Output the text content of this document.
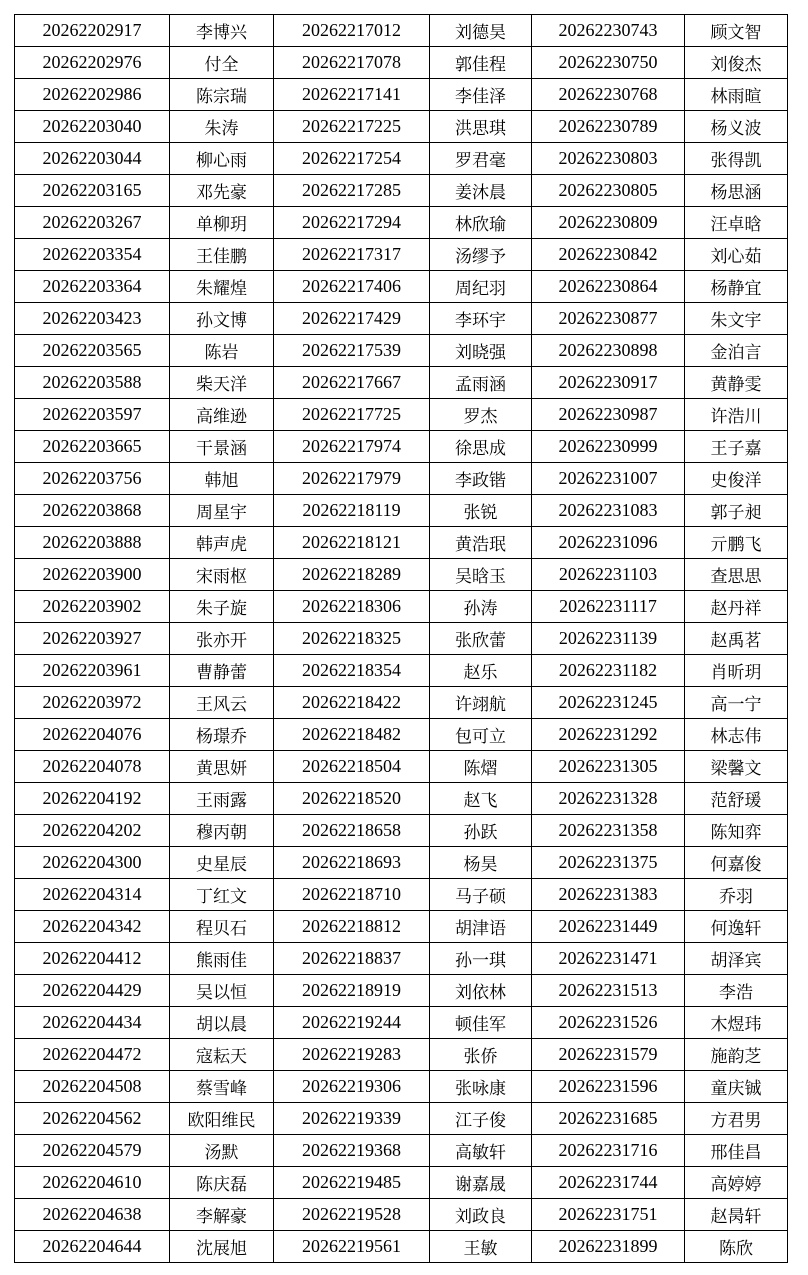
20262202917	李博兴	20262217012	刘德昊	20262230743	顾文智
20262202976	付全	20262217078	郭佳程	20262230750	刘俊杰
20262202986	陈宗瑞	20262217141	李佳泽	20262230768	林雨暄
20262203040	朱涛	20262217225	洪思琪	20262230789	杨义波
20262203044	柳心雨	20262217254	罗君毫	20262230803	张得凯
20262203165	邓先豪	20262217285	姜沐晨	20262230805	杨思涵
20262203267	单柳玥	20262217294	林欣瑜	20262230809	汪卓晗
20262203354	王佳鹏	20262217317	汤缪予	20262230842	刘心茹
20262203364	朱耀煌	20262217406	周纪羽	20262230864	杨静宜
20262203423	孙文博	20262217429	李环宇	20262230877	朱文宇
20262203565	陈岩	20262217539	刘晓强	20262230898	金泊言
20262203588	柴天洋	20262217667	孟雨涵	20262230917	黄静雯
20262203597	高维逊	20262217725	罗杰	20262230987	许浩川
20262203665	干景涵	20262217974	徐思成	20262230999	王子嘉
20262203756	韩旭	20262217979	李政锴	20262231007	史俊洋
20262203868	周星宇	20262218119	张锐	20262231083	郭子昶
20262203888	韩声虎	20262218121	黄浩珉	20262231096	亓鹏飞
20262203900	宋雨枢	20262218289	吴晗玉	20262231103	查思思
20262203902	朱子旋	20262218306	孙涛	20262231117	赵丹祥
20262203927	张亦开	20262218325	张欣蕾	20262231139	赵禹茗
20262203961	曹静蕾	20262218354	赵乐	20262231182	肖昕玥
20262203972	王风云	20262218422	许翊航	20262231245	高一宁
20262204076	杨璟乔	20262218482	包可立	20262231292	林志伟
20262204078	黄思妍	20262218504	陈熠	20262231305	梁馨文
20262204192	王雨露	20262218520	赵飞	20262231328	范舒瑗
20262204202	穆丙朝	20262218658	孙跃	20262231358	陈知弈
20262204300	史星辰	20262218693	杨昊	20262231375	何嘉俊
20262204314	丁红文	20262218710	马子硕	20262231383	乔羽
20262204342	程贝石	20262218812	胡津语	20262231449	何逸轩
20262204412	熊雨佳	20262218837	孙一琪	20262231471	胡泽宾
20262204429	吴以恒	20262218919	刘依林	20262231513	李浩
20262204434	胡以晨	20262219244	顿佳军	20262231526	木煜玮
20262204472	寇耘天	20262219283	张侨	20262231579	施韵芝
20262204508	蔡雪峰	20262219306	张咏康	20262231596	童庆铖
20262204562	欧阳维民	20262219339	江子俊	20262231685	方君男
20262204579	汤默	20262219368	高敏轩	20262231716	邢佳昌
20262204610	陈庆磊	20262219485	谢嘉晟	20262231744	高婷婷
20262204638	李解豪	20262219528	刘政良	20262231751	赵昺轩
20262204644	沈展旭	20262219561	王敏	20262231899	陈欣
